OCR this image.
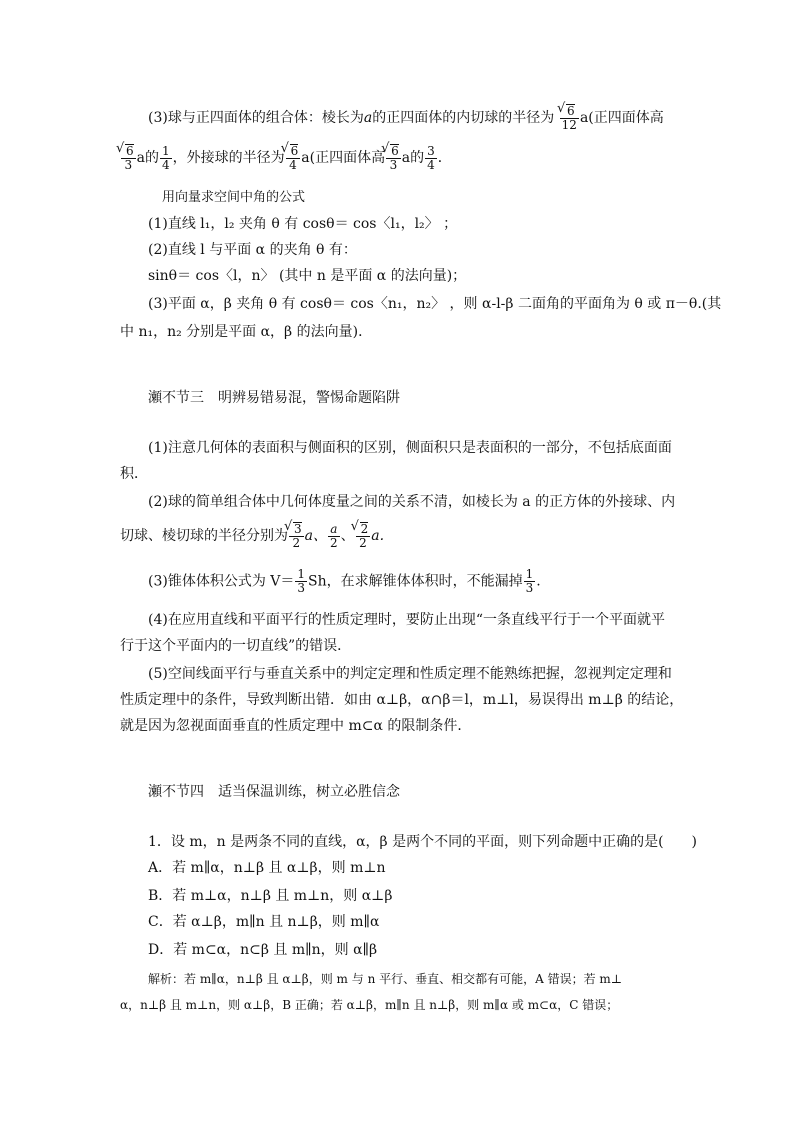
(3)球与正四面体的组合体：棱长为a的正四面体的内切球的半径为 √ $\frac{6}{12} a$(正四面体高
√ $\frac{6}{3}$ a的 $\frac{1}{4}$ ，外接球的半径为 √ $\frac{6}{4} a$(正四面体高 √ $\frac{6}{3}$ a的 $\frac{3}{4}$ ．
用向量求空间中角的公式
(1)直线 l₁，l₂ 夹角 θ 有 cosθ＝ cos〈l₁，l₂〉 ；
(2)直线 l 与平面 α 的夹角 θ 有：
sinθ＝ cos〈l，n〉 (其中 n 是平面 α 的法向量)；
(3)平面 α，β 夹角 θ 有 cosθ＝ cos〈n₁，n₂〉 ，则 α-l-β 二面角的平面角为 θ 或 π－θ.(其
中 n₁，n₂ 分别是平面 α，β 的法向量)．
瀬不节三　明辨易错易混，警惕命题陷阱
(1)注意几何体的表面积与侧面积的区别，侧面积只是表面积的一部分，不包括底面面
积．
(2)球的简单组合体中几何体度量之间的关系不清，如棱长为 a 的正方体的外接球、内
切球、棱切球的半径分别为 √ $\frac{3}{2}$ a、 $\frac{a}{2}$ 、 √ $\frac{2}{2} a$.
(3)锥体体积公式为 $V= \frac{1}{3}$ Sh，在求解锥体体积时，不能漏掉 $\frac{1}{3}$ .
(4)在应用直线和平面平行的性质定理时，要防止出现“一条直线平行于一个平面就平
行于这个平面内的一切直线”的错误．
(5)空间线面平行与垂直关系中的判定定理和性质定理不能熟练把握，忽视判定定理和
性质定理中的条件，导致判断出错．如由 α⊥β，α∩β＝l，m⊥l，易误得出 m⊥β 的结论，
就是因为忽视面面垂直的性质定理中 m⊂α 的限制条件．
瀬不节四　适当保温训练，树立必胜信念
1．设 m，n 是两条不同的直线，α，β 是两个不同的平面，则下列命题中正确的是(　　)
A．若 m∥α，n⊥β 且 α⊥β，则 m⊥n
B．若 m⊥α，n⊥β 且 m⊥n，则 α⊥β
C．若 α⊥β，m∥n 且 n⊥β，则 m∥α
D．若 m⊂α，n⊂β 且 m∥n，则 α∥β
解析：若 m∥α，n⊥β 且 α⊥β，则 m 与 n 平行、垂直、相交都有可能，A 错误；若 m⊥
α，n⊥β 且 m⊥n，则 α⊥β，B 正确；若 α⊥β，m∥n 且 n⊥β，则 m∥α 或 m⊂α，C 错误；
